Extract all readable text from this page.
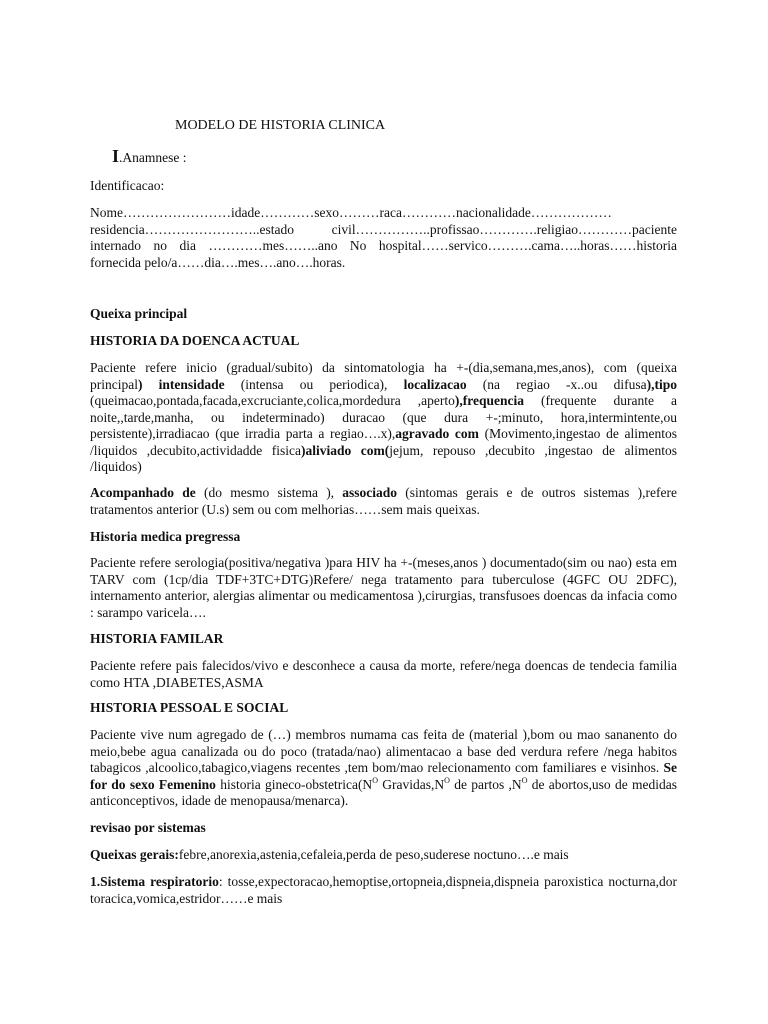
MODELO DE HISTORIA CLINICA
I.Anamnese :
Identificacao:
Nome……………………idade…………sexo………raca…………nacionalidade……………… residencia……………………..estado civil……………..profissao………….religiao…………paciente internado no dia …………mes……..ano No hospital……servico……….cama…..horas……historia fornecida pelo/a……dia….mes….ano….horas.
Queixa principal
HISTORIA DA DOENCA ACTUAL
Paciente refere inicio (gradual/subito) da sintomatologia ha +-(dia,semana,mes,anos), com (queixa principal) intensidade (intensa ou periodica), localizacao (na regiao -x..ou difusa),tipo (queimacao,pontada,facada,excruciante,colica,mordedura ,aperto),frequencia (frequente durante a noite,,tarde,manha, ou indeterminado) duracao (que dura +-;minuto, hora,intermintente,ou persistente),irradiacao (que irradia parta a regiao….x),agravado com (Movimento,ingestao de alimentos /liquidos ,decubito,actividadde fisica)aliviado com(jejum, repouso ,decubito ,ingestao de alimentos /liquidos)
Acompanhado de (do mesmo sistema ), associado (sintomas gerais e de outros sistemas ),refere tratamentos anterior (U.s) sem ou com melhorias……sem mais queixas.
Historia medica pregressa
Paciente refere serologia(positiva/negativa )para HIV ha +-(meses,anos ) documentado(sim ou nao) esta em TARV com (1cp/dia TDF+3TC+DTG)Refere/ nega tratamento para tuberculose (4GFC OU 2DFC), internamento anterior, alergias alimentar ou medicamentosa ),cirurgias, transfusoes doencas da infacia como : sarampo varicela….
HISTORIA FAMILAR
Paciente refere pais falecidos/vivo e desconhece a causa da morte, refere/nega doencas de tendecia familia como HTA ,DIABETES,ASMA
HISTORIA PESSOAL E SOCIAL
Paciente vive num agregado de (…) membros numama cas feita de (material ),bom ou mao sananento do meio,bebe agua canalizada ou do poco (tratada/nao) alimentacao a base ded verdura refere /nega habitos tabagicos ,alcoolico,tabagico,viagens recentes ,tem bom/mao relecionamento com familiares e visinhos. Se for do sexo Femenino historia gineco-$obstetrica(N^O$ $Gravidas,N^O$ de partos $,N^O$ de abortos,uso de medidas anticonceptivos, idade de menopausa/menarca).
revisao por sistemas
Queixas gerais:febre,anorexia,astenia,cefaleia,perda de peso,suderese noctuno….e mais
1.Sistema respiratorio: tosse,expectoracao,hemoptise,ortopneia,dispneia,dispneia paroxistica nocturna,dor toracica,vomica,estridor……e mais
